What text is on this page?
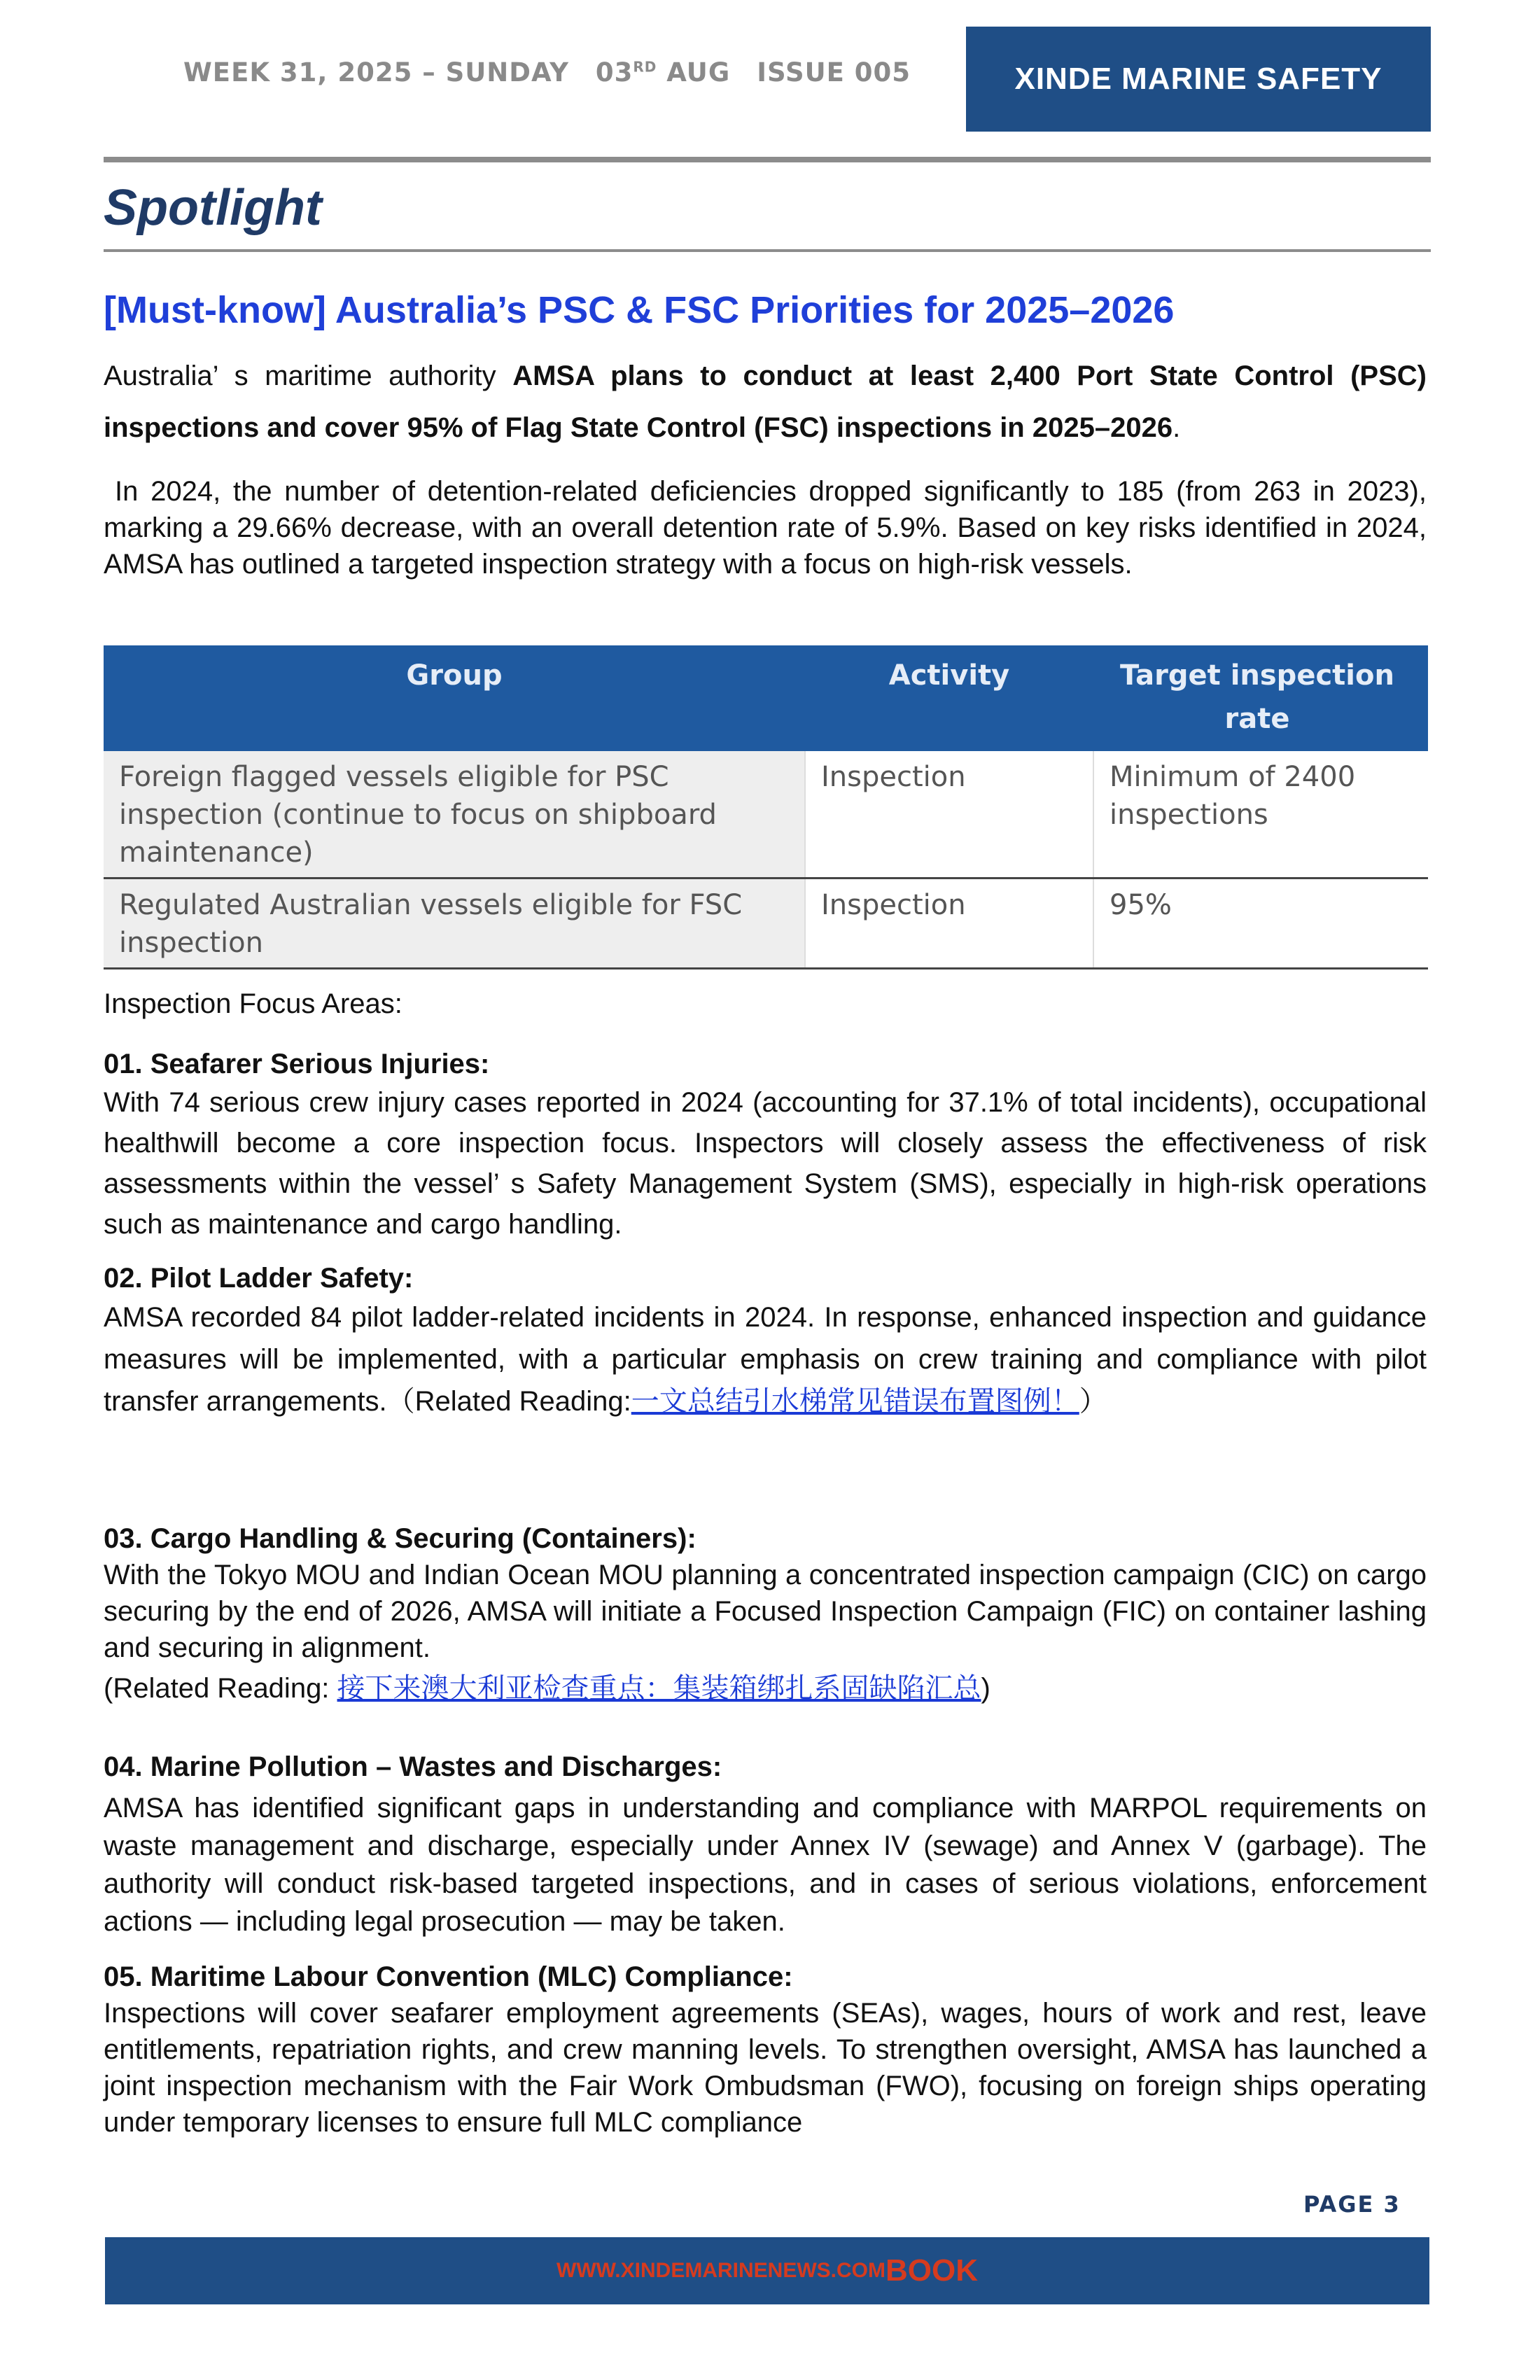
WEEK 31, 2025 – SUNDAY 03RD AUG ISSUE 005	XINDE MARINE SAFETY
Spotlight
[Must-know] Australia’s PSC & FSC Priorities for 2025–2026

Australia’ s maritime authority AMSA plans to conduct at least 2,400 Port State Control (PSC) inspections and cover 95% of Flag State Control (FSC) inspections in 2025–2026.

In 2024, the number of detention-related deficiencies dropped significantly to 185 (from 263 in 2023), marking a 29.66% decrease, with an overall detention rate of 5.9%. Based on key risks identified in 2024, AMSA has outlined a targeted inspection strategy with a focus on high-risk vessels.

Group	Activity	Target inspection rate
Foreign flagged vessels eligible for PSC inspection (continue to focus on shipboard maintenance)	Inspection	Minimum of 2400 inspections
Regulated Australian vessels eligible for FSC inspection	Inspection	95%

Inspection Focus Areas:

01. Seafarer Serious Injuries:

With 74 serious crew injury cases reported in 2024 (accounting for 37.1% of total incidents), occupational healthwill become a core inspection focus. Inspectors will closely assess the effectiveness of risk assessments within the vessel’ s Safety Management System (SMS), especially in high-risk operations such as maintenance and cargo handling.

02. Pilot Ladder Safety:

AMSA recorded 84 pilot ladder-related incidents in 2024. In response, enhanced inspection and guidance measures will be implemented, with a particular emphasis on crew training and compliance with pilot transfer arrangements.（Related Reading:一文总结引水梯常见错误布置图例！）

03. Cargo Handling & Securing (Containers):

With the Tokyo MOU and Indian Ocean MOU planning a concentrated inspection campaign (CIC) on cargo securing by the end of 2026, AMSA will initiate a Focused Inspection Campaign (FIC) on container lashing and securing in alignment.

(Related Reading: 接下来澳大利亚检查重点：集装箱绑扎系固缺陷汇总)

04. Marine Pollution – Wastes and Discharges:

AMSA has identified significant gaps in understanding and compliance with MARPOL requirements on waste management and discharge, especially under Annex IV (sewage) and Annex V (garbage). The authority will conduct risk-based targeted inspections, and in cases of serious violations, enforcement actions — including legal prosecution — may be taken.

05. Maritime Labour Convention (MLC) Compliance:

Inspections will cover seafarer employment agreements (SEAs), wages, hours of work and rest, leave entitlements, repatriation rights, and crew manning levels. To strengthen oversight, AMSA has launched a joint inspection mechanism with the Fair Work Ombudsman (FWO), focusing on foreign ships operating under temporary licenses to ensure full MLC compliance

PAGE 3
WWW.XINDEMARINENEWS.COM BOOK
